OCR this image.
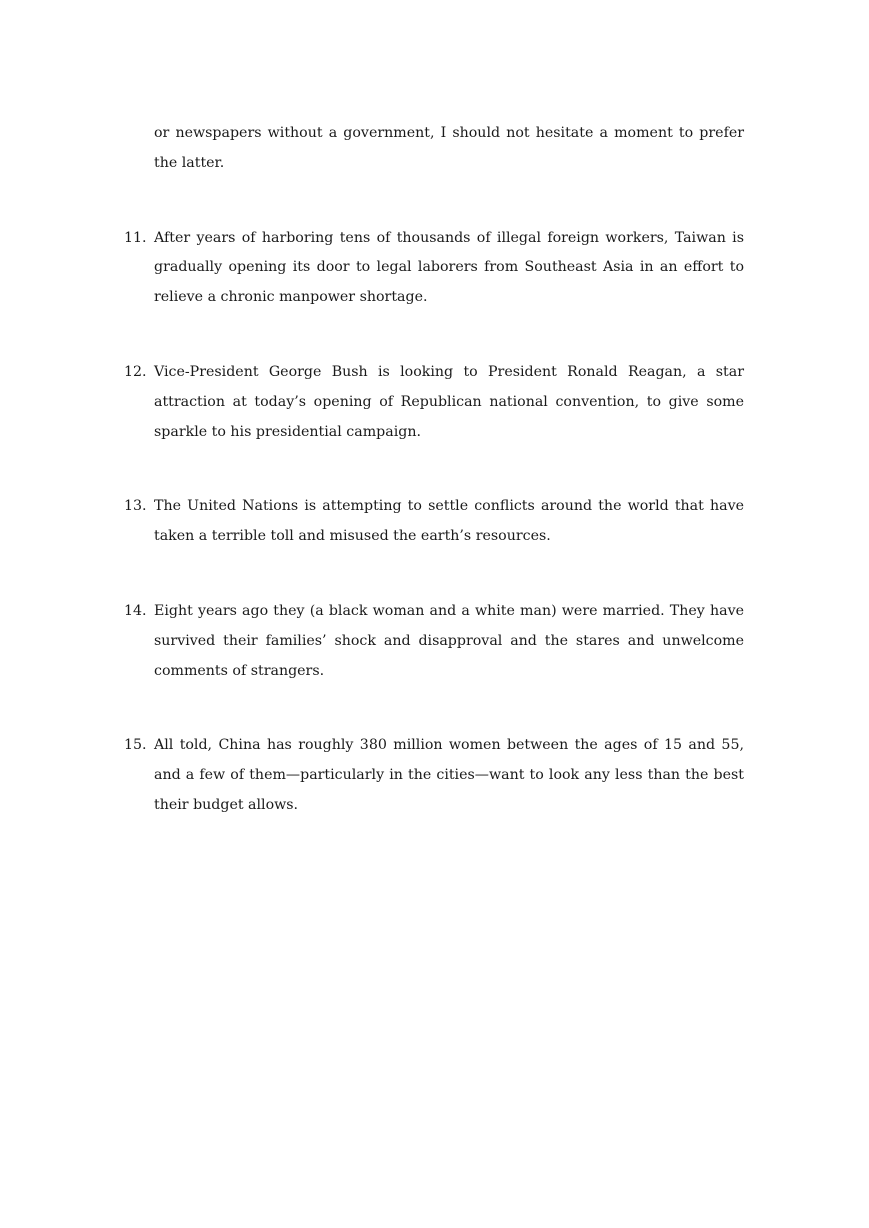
or newspapers without a government, I should not hesitate a moment to prefer the latter.

11. After years of harboring tens of thousands of illegal foreign workers, Taiwan is gradually opening its door to legal laborers from Southeast Asia in an effort to relieve a chronic manpower shortage.

12. Vice-President George Bush is looking to President Ronald Reagan, a star attraction at today’s opening of Republican national convention, to give some sparkle to his presidential campaign.

13. The United Nations is attempting to settle conflicts around the world that have taken a terrible toll and misused the earth’s resources.

14. Eight years ago they (a black woman and a white man) were married. They have survived their families’ shock and disapproval and the stares and unwelcome comments of strangers.

15. All told, China has roughly 380 million women between the ages of 15 and 55, and a few of them—particularly in the cities—want to look any less than the best their budget allows.
